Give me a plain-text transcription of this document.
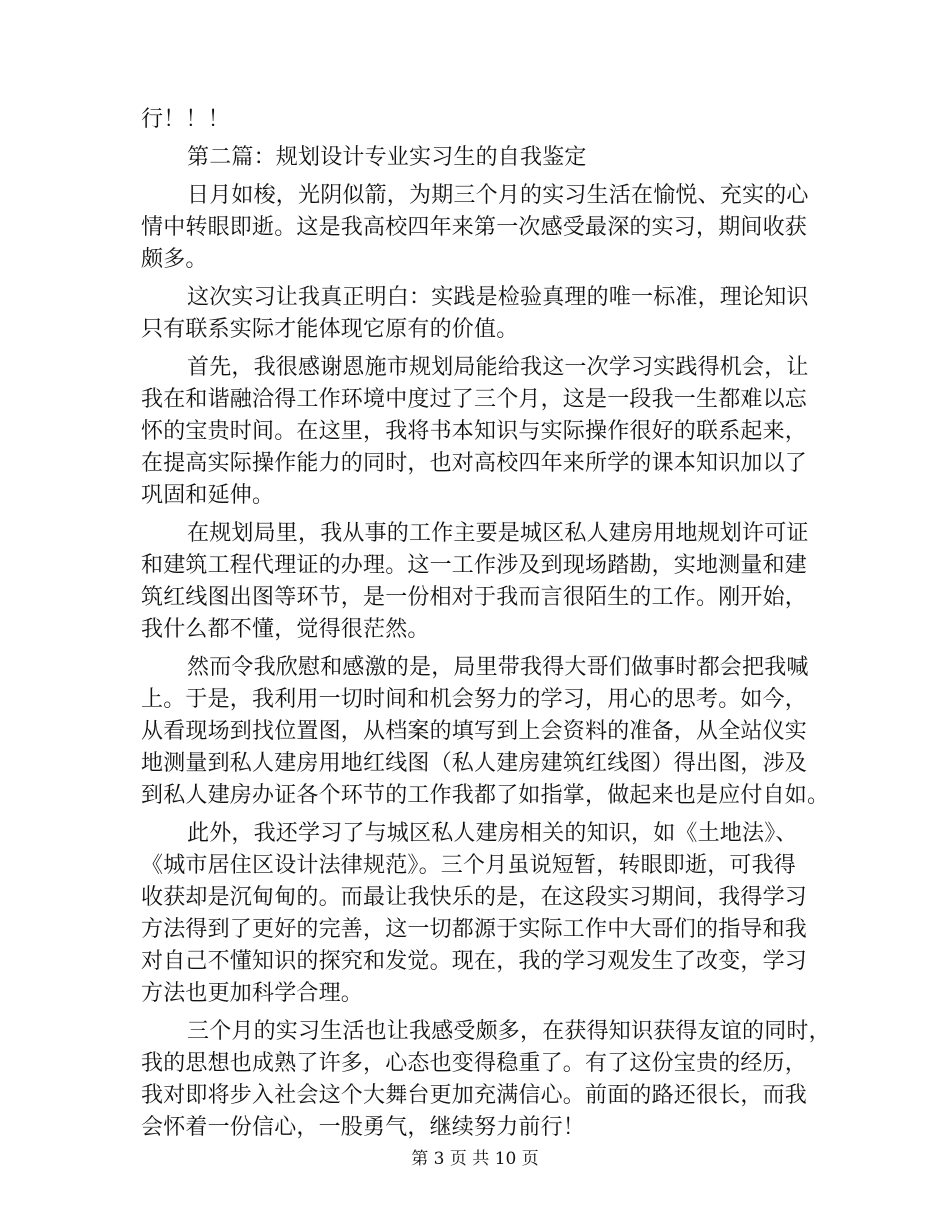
行！！！
第二篇：规划设计专业实习生的自我鉴定
日月如梭，光阴似箭，为期三个月的实习生活在愉悦、充实的心
情中转眼即逝。这是我高校四年来第一次感受最深的实习，期间收获
颇多。
这次实习让我真正明白：实践是检验真理的唯一标准，理论知识
只有联系实际才能体现它原有的价值。
首先，我很感谢恩施市规划局能给我这一次学习实践得机会，让
我在和谐融洽得工作环境中度过了三个月，这是一段我一生都难以忘
怀的宝贵时间。在这里，我将书本知识与实际操作很好的联系起来，
在提高实际操作能力的同时，也对高校四年来所学的课本知识加以了
巩固和延伸。
在规划局里，我从事的工作主要是城区私人建房用地规划许可证
和建筑工程代理证的办理。这一工作涉及到现场踏勘，实地测量和建
筑红线图出图等环节，是一份相对于我而言很陌生的工作。刚开始，
我什么都不懂，觉得很茫然。
然而令我欣慰和感激的是，局里带我得大哥们做事时都会把我喊
上。于是，我利用一切时间和机会努力的学习，用心的思考。如今，
从看现场到找位置图，从档案的填写到上会资料的准备，从全站仪实
地测量到私人建房用地红线图（私人建房建筑红线图）得出图，涉及
到私人建房办证各个环节的工作我都了如指掌，做起来也是应付自如。
此外，我还学习了与城区私人建房相关的知识，如《土地法》、
《城市居住区设计法律规范》。三个月虽说短暂，转眼即逝，可我得
收获却是沉甸甸的。而最让我快乐的是，在这段实习期间，我得学习
方法得到了更好的完善，这一切都源于实际工作中大哥们的指导和我
对自己不懂知识的探究和发觉。现在，我的学习观发生了改变，学习
方法也更加科学合理。
三个月的实习生活也让我感受颇多，在获得知识获得友谊的同时，
我的思想也成熟了许多，心态也变得稳重了。有了这份宝贵的经历，
我对即将步入社会这个大舞台更加充满信心。前面的路还很长，而我
会怀着一份信心，一股勇气，继续努力前行！
第 3 页 共 10 页
